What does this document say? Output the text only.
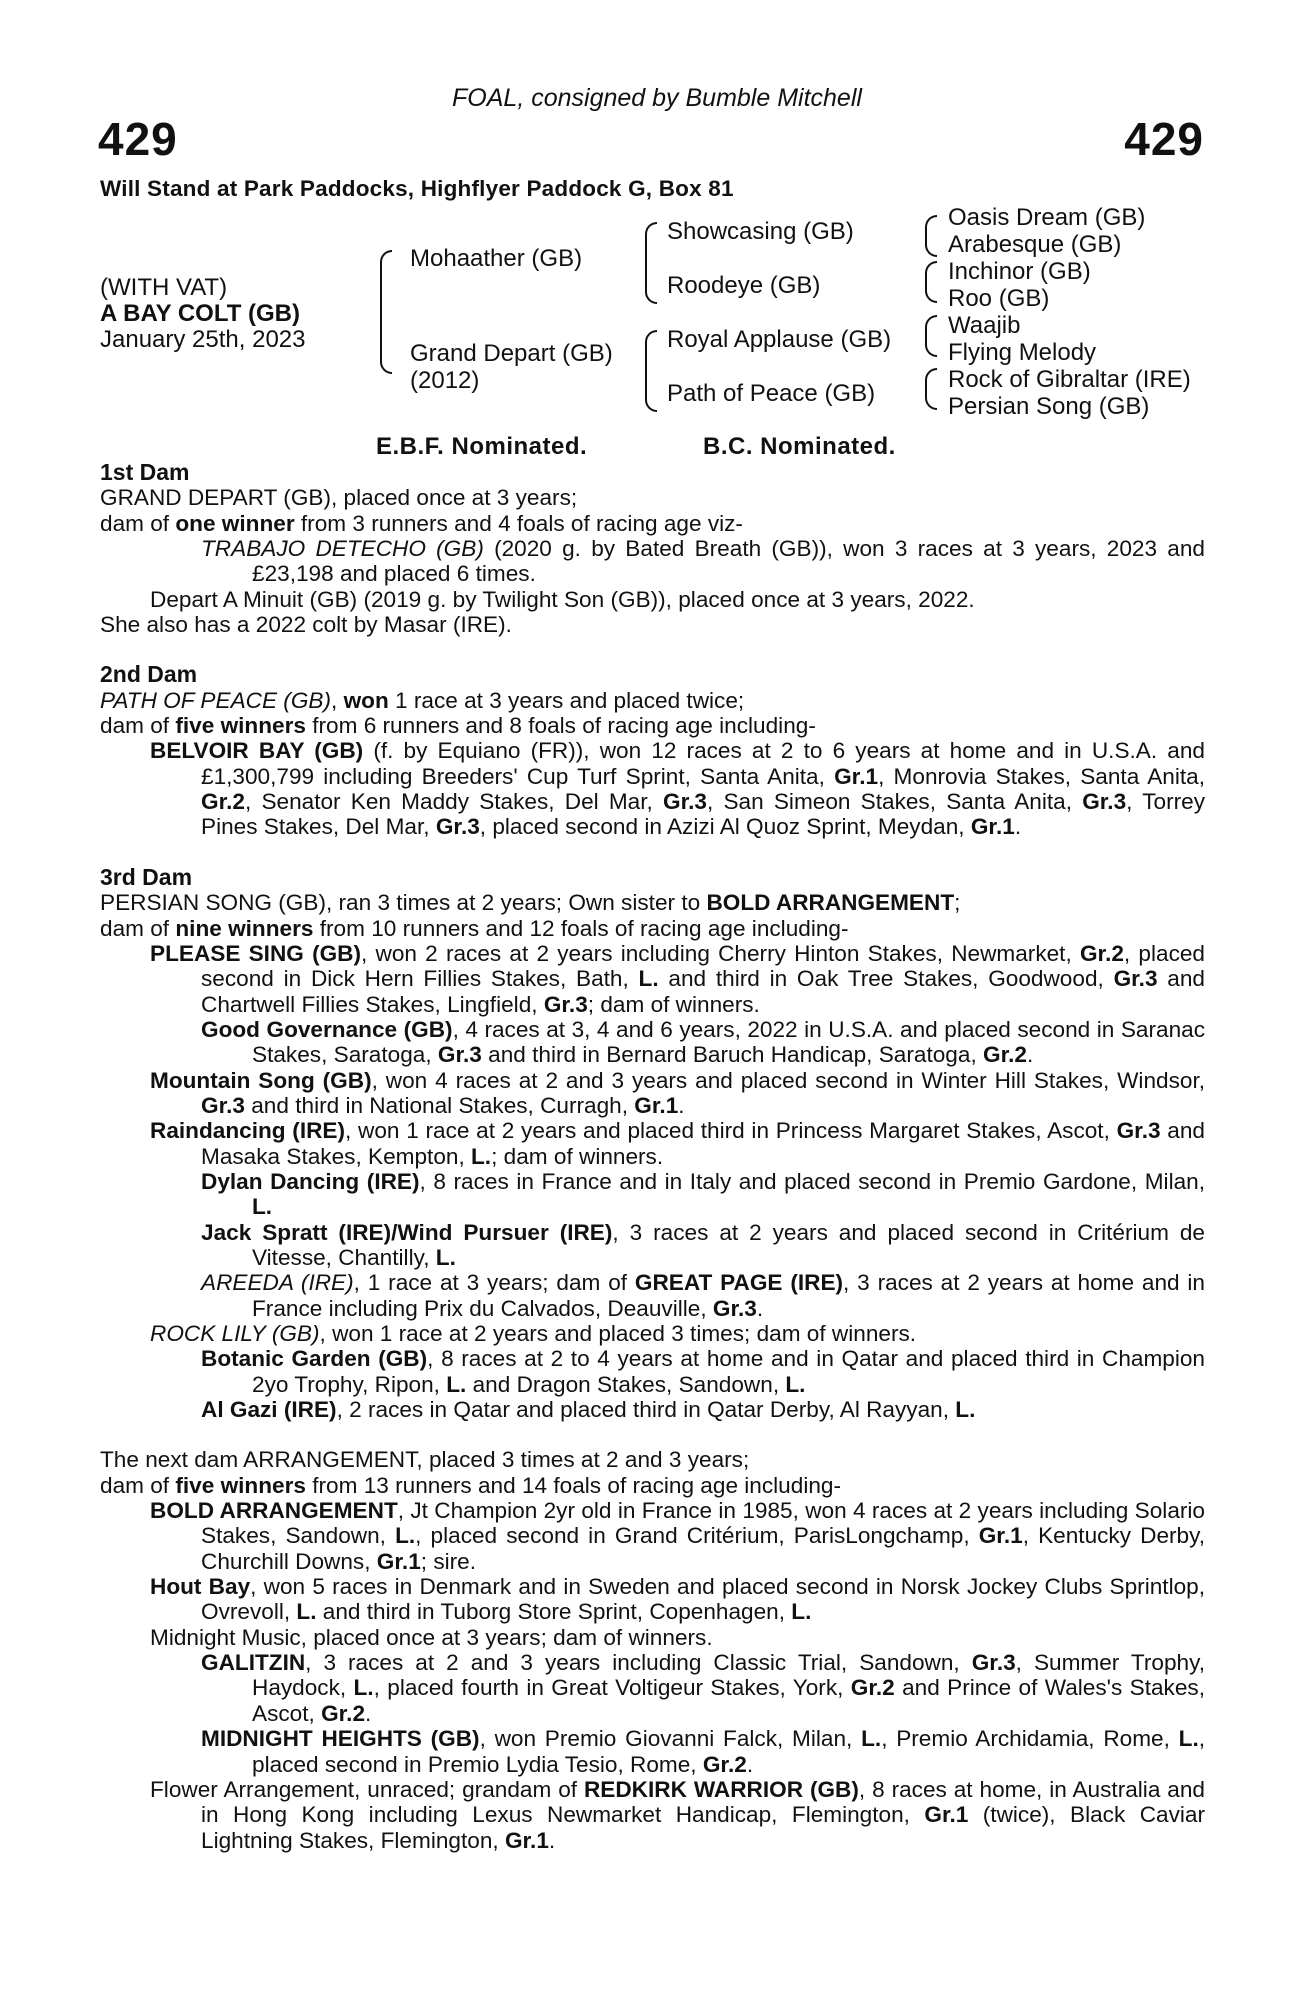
FOAL, consigned by Bumble Mitchell
429	429
Will Stand at Park Paddocks, Highflyer Paddock G, Box 81
(WITH VAT)
A BAY COLT (GB)
January 25th, 2023
Mohaather (GB)
Grand Depart (GB)
(2012)
Showcasing (GB)
Roodeye (GB)
Royal Applause (GB)
Path of Peace (GB)
Oasis Dream (GB)
Arabesque (GB)
Inchinor (GB)
Roo (GB)
Waajib
Flying Melody
Rock of Gibraltar (IRE)
Persian Song (GB)
E.B.F. Nominated.	B.C. Nominated.

1st Dam

GRAND DEPART (GB), placed once at 3 years;

dam of one winner from 3 runners and 4 foals of racing age viz-

TRABAJO DETECHO (GB) (2020 g. by Bated Breath (GB)), won 3 races at 3 years, 2023 and £23,198 and placed 6 times.

Depart A Minuit (GB) (2019 g. by Twilight Son (GB)), placed once at 3 years, 2022.

She also has a 2022 colt by Masar (IRE).

2nd Dam

PATH OF PEACE (GB), won 1 race at 3 years and placed twice;

dam of five winners from 6 runners and 8 foals of racing age including-

BELVOIR BAY (GB) (f. by Equiano (FR)), won 12 races at 2 to 6 years at home and in U.S.A. and £1,300,799 including Breeders' Cup Turf Sprint, Santa Anita, Gr.1, Monrovia Stakes, Santa Anita, Gr.2, Senator Ken Maddy Stakes, Del Mar, Gr.3, San Simeon Stakes, Santa Anita, Gr.3, Torrey Pines Stakes, Del Mar, Gr.3, placed second in Azizi Al Quoz Sprint, Meydan, Gr.1.

3rd Dam

PERSIAN SONG (GB), ran 3 times at 2 years; Own sister to BOLD ARRANGEMENT;

dam of nine winners from 10 runners and 12 foals of racing age including-

PLEASE SING (GB), won 2 races at 2 years including Cherry Hinton Stakes, Newmarket, Gr.2, placed second in Dick Hern Fillies Stakes, Bath, L. and third in Oak Tree Stakes, Goodwood, Gr.3 and Chartwell Fillies Stakes, Lingfield, Gr.3; dam of winners.

Good Governance (GB), 4 races at 3, 4 and 6 years, 2022 in U.S.A. and placed second in Saranac Stakes, Saratoga, Gr.3 and third in Bernard Baruch Handicap, Saratoga, Gr.2.

Mountain Song (GB), won 4 races at 2 and 3 years and placed second in Winter Hill Stakes, Windsor, Gr.3 and third in National Stakes, Curragh, Gr.1.

Raindancing (IRE), won 1 race at 2 years and placed third in Princess Margaret Stakes, Ascot, Gr.3 and Masaka Stakes, Kempton, L.; dam of winners.

Dylan Dancing (IRE), 8 races in France and in Italy and placed second in Premio Gardone, Milan, L.

Jack Spratt (IRE)/Wind Pursuer (IRE), 3 races at 2 years and placed second in Critérium de Vitesse, Chantilly, L.

AREEDA (IRE), 1 race at 3 years; dam of GREAT PAGE (IRE), 3 races at 2 years at home and in France including Prix du Calvados, Deauville, Gr.3.

ROCK LILY (GB), won 1 race at 2 years and placed 3 times; dam of winners.

Botanic Garden (GB), 8 races at 2 to 4 years at home and in Qatar and placed third in Champion 2yo Trophy, Ripon, L. and Dragon Stakes, Sandown, L.

Al Gazi (IRE), 2 races in Qatar and placed third in Qatar Derby, Al Rayyan, L.

The next dam ARRANGEMENT, placed 3 times at 2 and 3 years;

dam of five winners from 13 runners and 14 foals of racing age including-

BOLD ARRANGEMENT, Jt Champion 2yr old in France in 1985, won 4 races at 2 years including Solario Stakes, Sandown, L., placed second in Grand Critérium, ParisLongchamp, Gr.1, Kentucky Derby, Churchill Downs, Gr.1; sire.

Hout Bay, won 5 races in Denmark and in Sweden and placed second in Norsk Jockey Clubs Sprintlop, Ovrevoll, L. and third in Tuborg Store Sprint, Copenhagen, L.

Midnight Music, placed once at 3 years; dam of winners.

GALITZIN, 3 races at 2 and 3 years including Classic Trial, Sandown, Gr.3, Summer Trophy, Haydock, L., placed fourth in Great Voltigeur Stakes, York, Gr.2 and Prince of Wales's Stakes, Ascot, Gr.2.

MIDNIGHT HEIGHTS (GB), won Premio Giovanni Falck, Milan, L., Premio Archidamia, Rome, L., placed second in Premio Lydia Tesio, Rome, Gr.2.

Flower Arrangement, unraced; grandam of REDKIRK WARRIOR (GB), 8 races at home, in Australia and in Hong Kong including Lexus Newmarket Handicap, Flemington, Gr.1 (twice), Black Caviar Lightning Stakes, Flemington, Gr.1.
